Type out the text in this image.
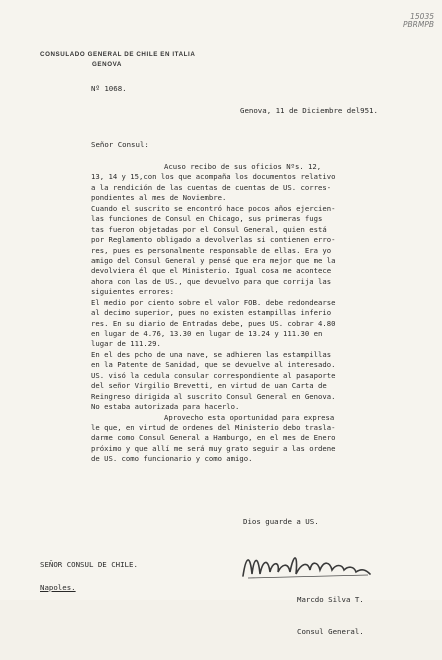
15035
PBRMPB
CONSULADO GENERAL DE CHILE EN ITALIA
GENOVA
Nº 1068.
Genova, 11 de Diciembre del951.
Señor Consul:
Acuso recibo de sus oficios Nºs. 12,
13, 14 y 15,con los que acompaña los documentos relativo
a la rendición de las cuentas de cuentas de US. corres-
pondientes al mes de Noviembre.
Cuando el suscrito se encontró hace pocos años ejercien-
las funciones de Consul en Chicago, sus primeras fugs
tas fueron objetadas por el Consul General, quien está
por Reglamento obligado a devolverlas si contienen erro-
res, pues es personalmente responsable de ellas. Era yo
amigo del Consul General y pensé que era mejor que me la
devolviera él que el Ministerio. Igual cosa me acontece
ahora con las de US., que devuelvo para que corrija las
siguientes errores:
El medio por ciento sobre el valor FOB. debe redondearse
al decimo superior, pues no existen estampillas inferio
res. En su diario de Entradas debe, pues US. cobrar 4.80
en lugar de 4.76, 13.30 en lugar de 13.24 y 111.30 en
lugar de 111.29.
En el des pcho de una nave, se adhieren las estampillas
en la Patente de Sanidad, que se devuelve al interesado.
US. visó la cedula consular correspondiente al pasaporte
del señor Virgilio Brevetti, en virtud de uan Carta de
Reingreso dirigida al suscrito Consul General en Genova.
No estaba autorizada para hacerlo.
Aprovecho esta oportunidad para expresa
le que, en virtud de ordenes del Ministerio debo trasla-
darme como Consul General a Hamburgo, en el mes de Enero
próximo y que allí me será muy grato seguir a las ordene
de US. como funcionario y como amigo.
Dios guarde a US.

Marcdo Silva T.

Consul General.

SEÑOR CONSUL DE CHILE.
Napoles.
